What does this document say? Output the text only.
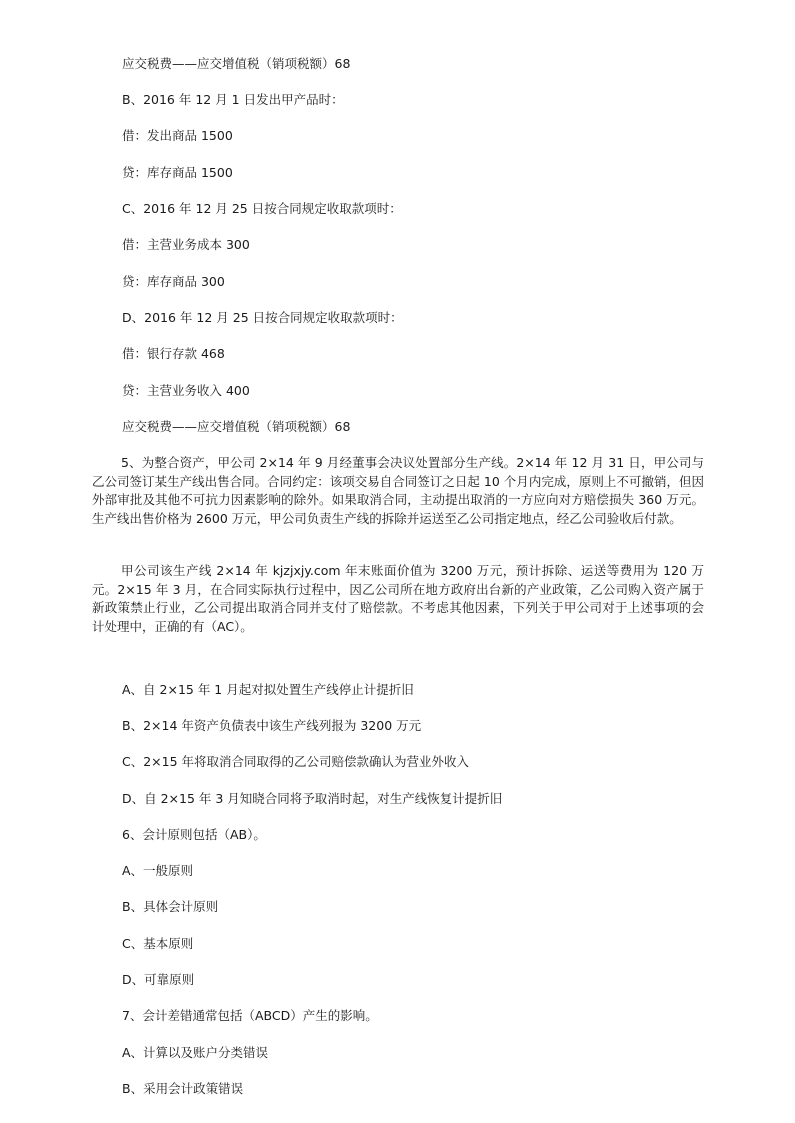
应交税费——应交增值税（销项税额）68
B、2016 年 12 月 1 日发出甲产品时：
借：发出商品 1500
贷：库存商品 1500
C、2016 年 12 月 25 日按合同规定收取款项时：
借：主营业务成本 300
贷：库存商品 300
D、2016 年 12 月 25 日按合同规定收取款项时：
借：银行存款 468
贷：主营业务收入 400
应交税费——应交增值税（销项税额）68
5、为整合资产，甲公司 2×14 年 9 月经董事会决议处置部分生产线。2×14 年 12 月 31 日，甲公司与乙公司签订某生产线出售合同。合同约定：该项交易自合同签订之日起 10 个月内完成，原则上不可撤销，但因外部审批及其他不可抗力因素影响的除外。如果取消合同，主动提出取消的一方应向对方赔偿损失 360 万元。生产线出售价格为 2600 万元，甲公司负责生产线的拆除并运送至乙公司指定地点，经乙公司验收后付款。
甲公司该生产线 2×14 年 kjzjxjy.com 年末账面价值为 3200 万元，预计拆除、运送等费用为 120 万元。2×15 年 3 月，在合同实际执行过程中，因乙公司所在地方政府出台新的产业政策，乙公司购入资产属于新政策禁止行业，乙公司提出取消合同并支付了赔偿款。不考虑其他因素，下列关于甲公司对于上述事项的会计处理中，正确的有（AC）。
A、自 2×15 年 1 月起对拟处置生产线停止计提折旧
B、2×14 年资产负债表中该生产线列报为 3200 万元
C、2×15 年将取消合同取得的乙公司赔偿款确认为营业外收入
D、自 2×15 年 3 月知晓合同将予取消时起，对生产线恢复计提折旧
6、会计原则包括（AB）。
A、一般原则
B、具体会计原则
C、基本原则
D、可靠原则
7、会计差错通常包括（ABCD）产生的影响。
A、计算以及账户分类错误
B、采用会计政策错误
